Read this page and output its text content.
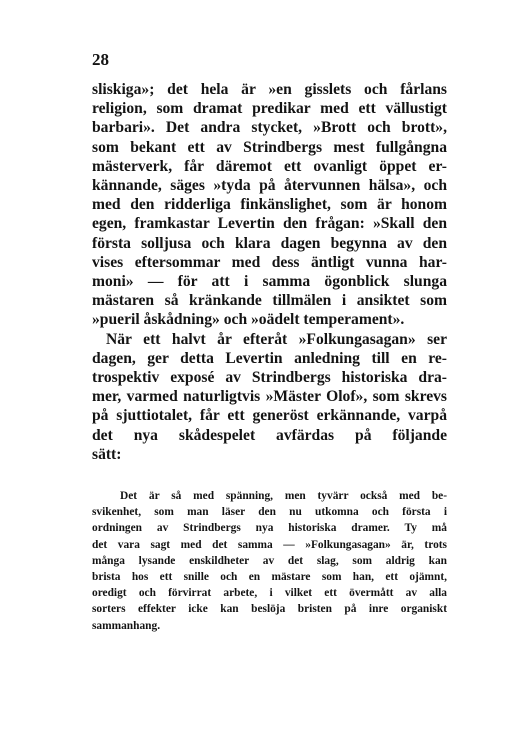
28
sliskiga»; det hela är »en gisslets och fårlans
religion, som dramat predikar med ett vällustigt
barbari». Det andra stycket, »Brott och brott»,
som bekant ett av Strindbergs mest fullgångna
mästerverk, får däremot ett ovanligt öppet er-
kännande, säges »tyda på återvunnen hälsa», och
med den ridderliga finkänslighet, som är honom
egen, framkastar Levertin den frågan: »Skall den
första solljusa och klara dagen begynna av den
vises eftersommar med dess äntligt vunna har-
moni» — för att i samma ögonblick slunga
mästaren så kränkande tillmälen i ansiktet som
»pueril åskådning» och »oädelt temperament».
När ett halvt år efteråt »Folkungasagan» ser
dagen, ger detta Levertin anledning till en re-
trospektiv exposé av Strindbergs historiska dra-
mer, varmed naturligtvis »Mäster Olof», som skrevs
på sjuttiotalet, får ett generöst erkännande, varpå
det nya skådespelet avfärdas på följande
sätt:
Det är så med spänning, men tyvärr också med be-
svikenhet, som man läser den nu utkomna och första i
ordningen av Strindbergs nya historiska dramer. Ty må
det vara sagt med det samma — »Folkungasagan» är, trots
många lysande enskildheter av det slag, som aldrig kan
brista hos ett snille och en mästare som han, ett ojämnt,
oredigt och förvirrat arbete, i vilket ett övermått av alla
sorters effekter icke kan beslöja bristen på inre organiskt
sammanhang.
